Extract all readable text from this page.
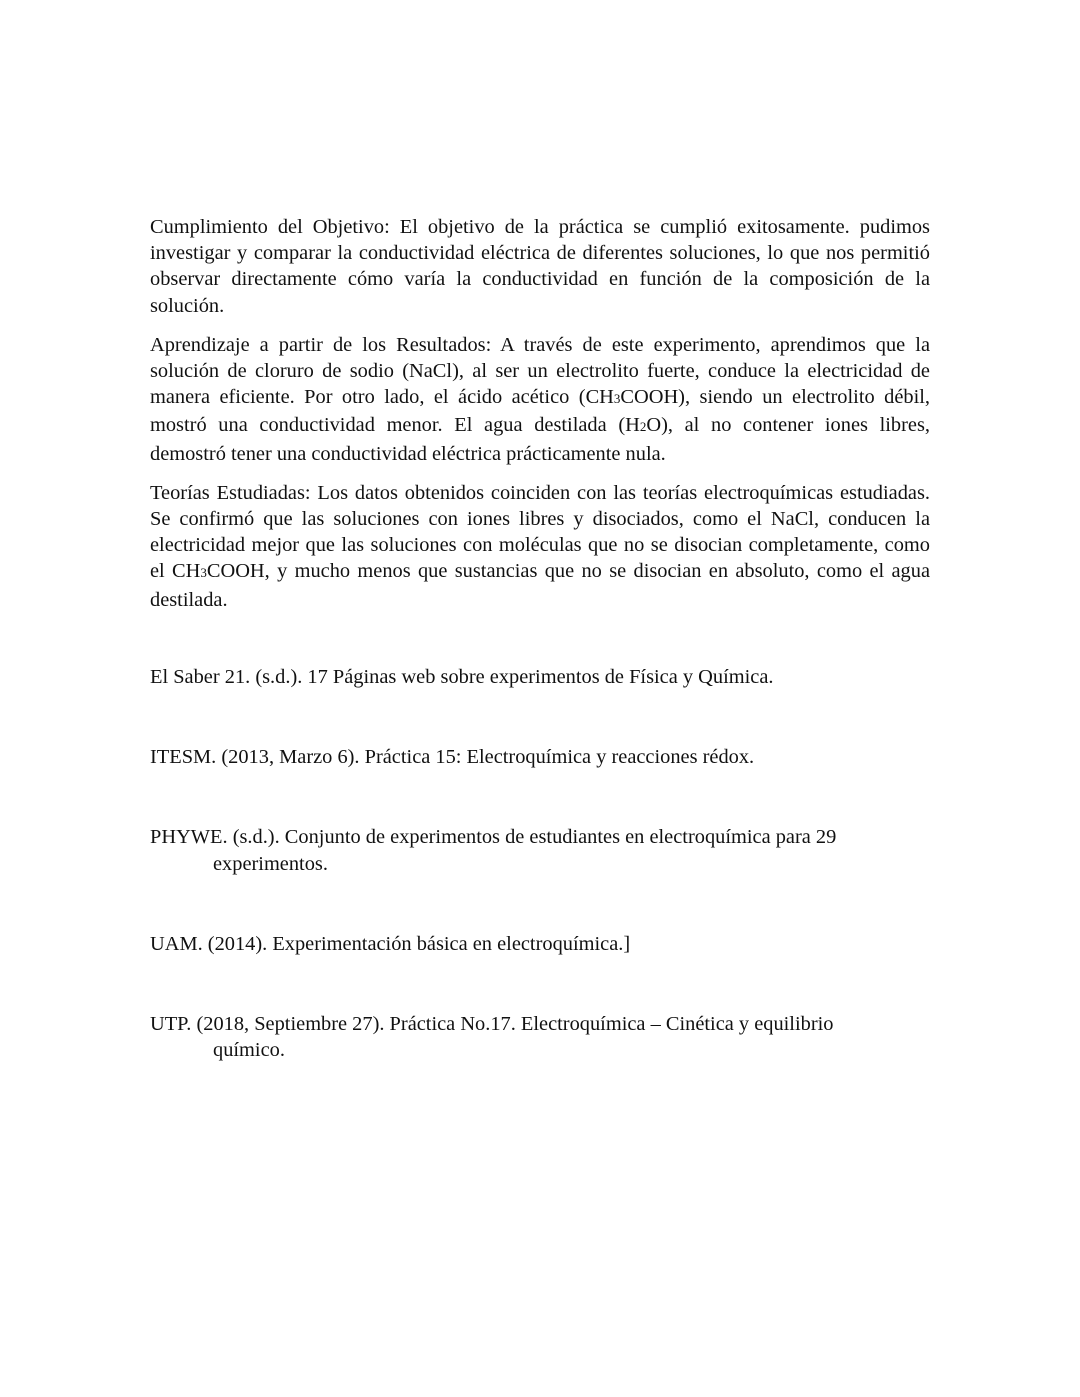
Cumplimiento del Objetivo: El objetivo de la práctica se cumplió exitosamente. pudimos investigar y comparar la conductividad eléctrica de diferentes soluciones, lo que nos permitió observar directamente cómo varía la conductividad en función de la composición de la solución.

Aprendizaje a partir de los Resultados: A través de este experimento, aprendimos que la solución de cloruro de sodio (NaCl), al ser un electrolito fuerte, conduce la electricidad de manera eficiente. Por otro lado, el ácido acético (CH3COOH), siendo un electrolito débil, mostró una conductividad menor. El agua destilada (H2O), al no contener iones libres, demostró tener una conductividad eléctrica prácticamente nula.

Teorías Estudiadas: Los datos obtenidos coinciden con las teorías electroquímicas estudiadas. Se confirmó que las soluciones con iones libres y disociados, como el NaCl, conducen la electricidad mejor que las soluciones con moléculas que no se disocian completamente, como el CH3COOH, y mucho menos que sustancias que no se disocian en absoluto, como el agua destilada.

El Saber 21. (s.d.). 17 Páginas web sobre experimentos de Física y Química.

ITESM. (2013, Marzo 6). Práctica 15: Electroquímica y reacciones rédox.

PHYWE. (s.d.). Conjunto de experimentos de estudiantes en electroquímica para 29 experimentos.

UAM. (2014). Experimentación básica en electroquímica.]

UTP. (2018, Septiembre 27). Práctica No.17. Electroquímica – Cinética y equilibrio químico.
